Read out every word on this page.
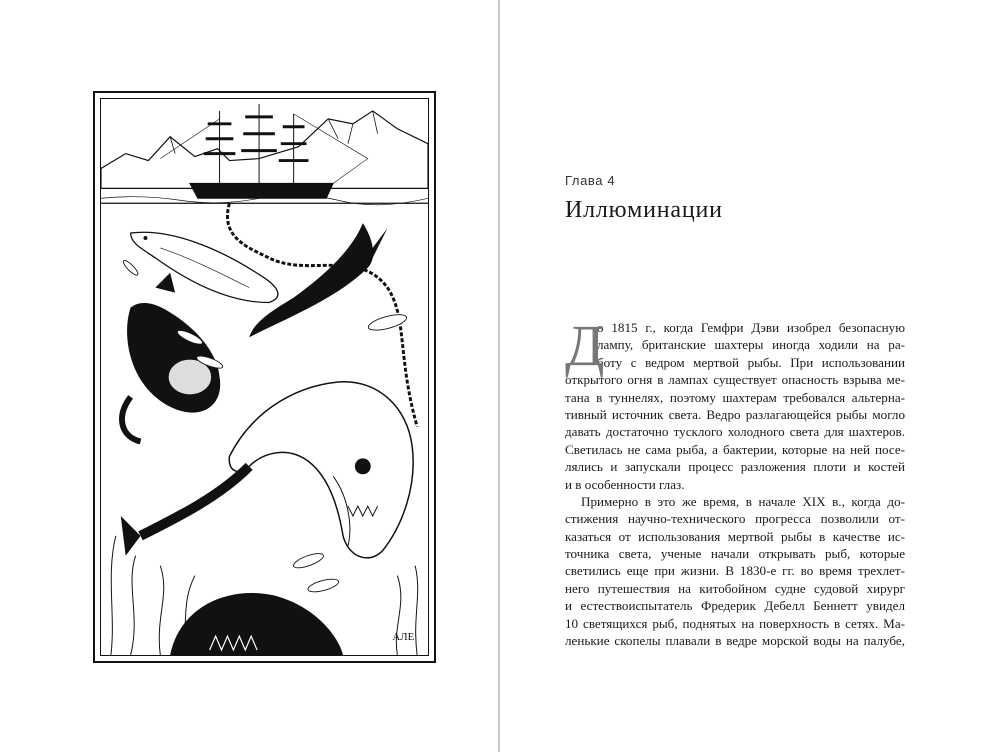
АЛЕ
Глава 4
Иллюминации
Д
о 1815 г., когда Гемфри Дэви изобрел безопасную
лампу, британские шахтеры иногда ходили на ра-
боту с ведром мертвой рыбы. При использовании
открытого огня в лампах существует опасность взрыва ме-
тана в туннелях, поэтому шахтерам требовался альтерна-
тивный источник света. Ведро разлагающейся рыбы могло
давать достаточно тусклого холодного света для шахтеров.
Светилась не сама рыба, а бактерии, которые на ней посе-
лялись и запускали процесс разложения плоти и костей
и в особенности глаз.
Примерно в это же время, в начале XIX в., когда до-
стижения научно-технического прогресса позволили от-
казаться от использования мертвой рыбы в качестве ис-
точника света, ученые начали открывать рыб, которые
светились еще при жизни. В 1830-е гг. во время трехлет-
него путешествия на китобойном судне судовой хирург
и естествоиспытатель Фредерик Дебелл Беннетт увидел
10 светящихся рыб, поднятых на поверхность в сетях. Ма-
ленькие скопелы плавали в ведре морской воды на палубе,
